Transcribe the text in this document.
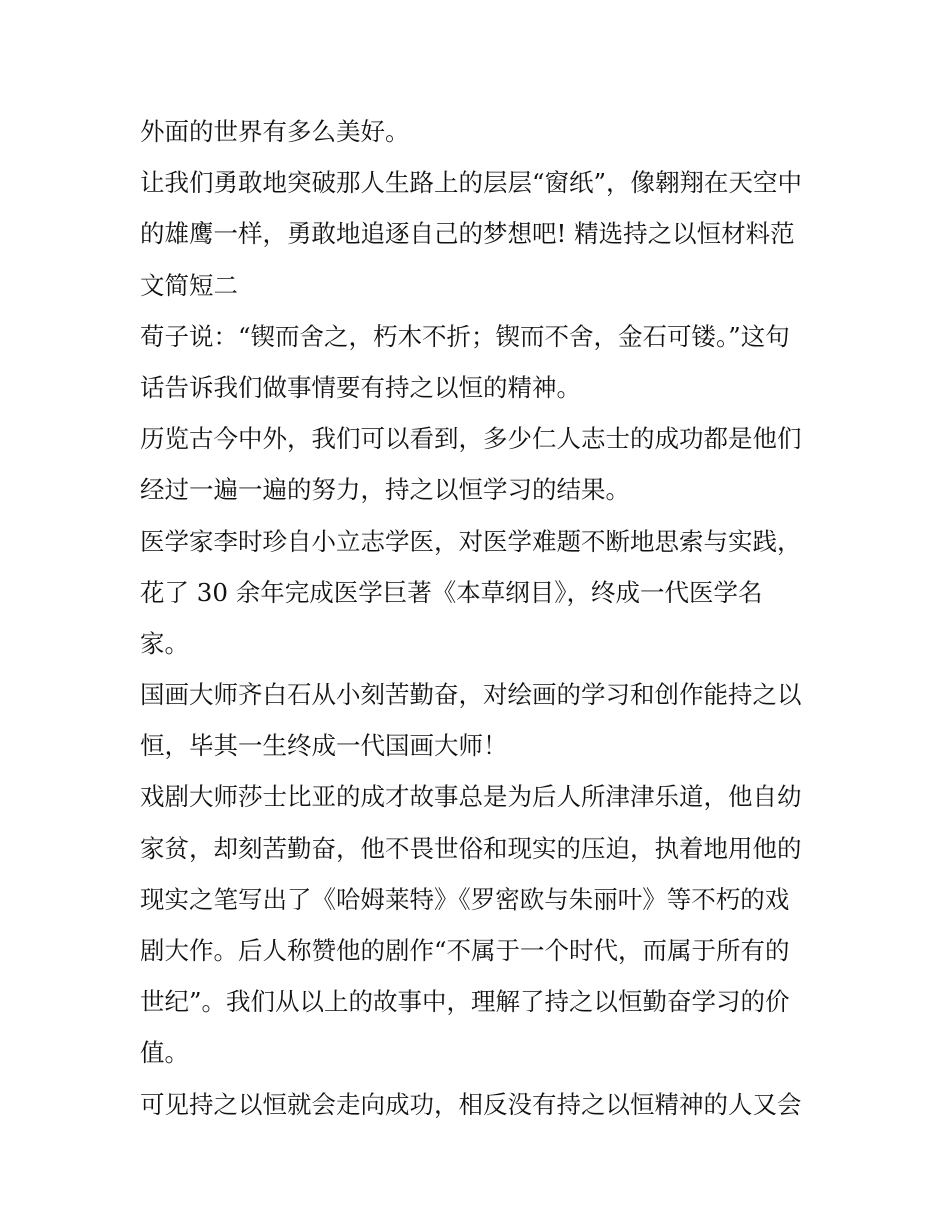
外面的世界有多么美好。
让我们勇敢地突破那人生路上的层层“窗纸”，像翱翔在天空中
的雄鹰一样，勇敢地追逐自己的梦想吧! 精选持之以恒材料范
文简短二
荀子说：“锲而舍之，朽木不折；锲而不舍，金石可镂。”这句
话告诉我们做事情要有持之以恒的精神。
历览古今中外，我们可以看到，多少仁人志士的成功都是他们
经过一遍一遍的努力，持之以恒学习的结果。
医学家李时珍自小立志学医，对医学难题不断地思索与实践，
花了 30 余年完成医学巨著《本草纲目》，终成一代医学名
家。
国画大师齐白石从小刻苦勤奋，对绘画的学习和创作能持之以
恒，毕其一生终成一代国画大师！
戏剧大师莎士比亚的成才故事总是为后人所津津乐道，他自幼
家贫，却刻苦勤奋，他不畏世俗和现实的压迫，执着地用他的
现实之笔写出了《哈姆莱特》《罗密欧与朱丽叶》等不朽的戏
剧大作。后人称赞他的剧作“不属于一个时代，而属于所有的
世纪”。我们从以上的故事中，理解了持之以恒勤奋学习的价
值。
可见持之以恒就会走向成功，相反没有持之以恒精神的人又会
